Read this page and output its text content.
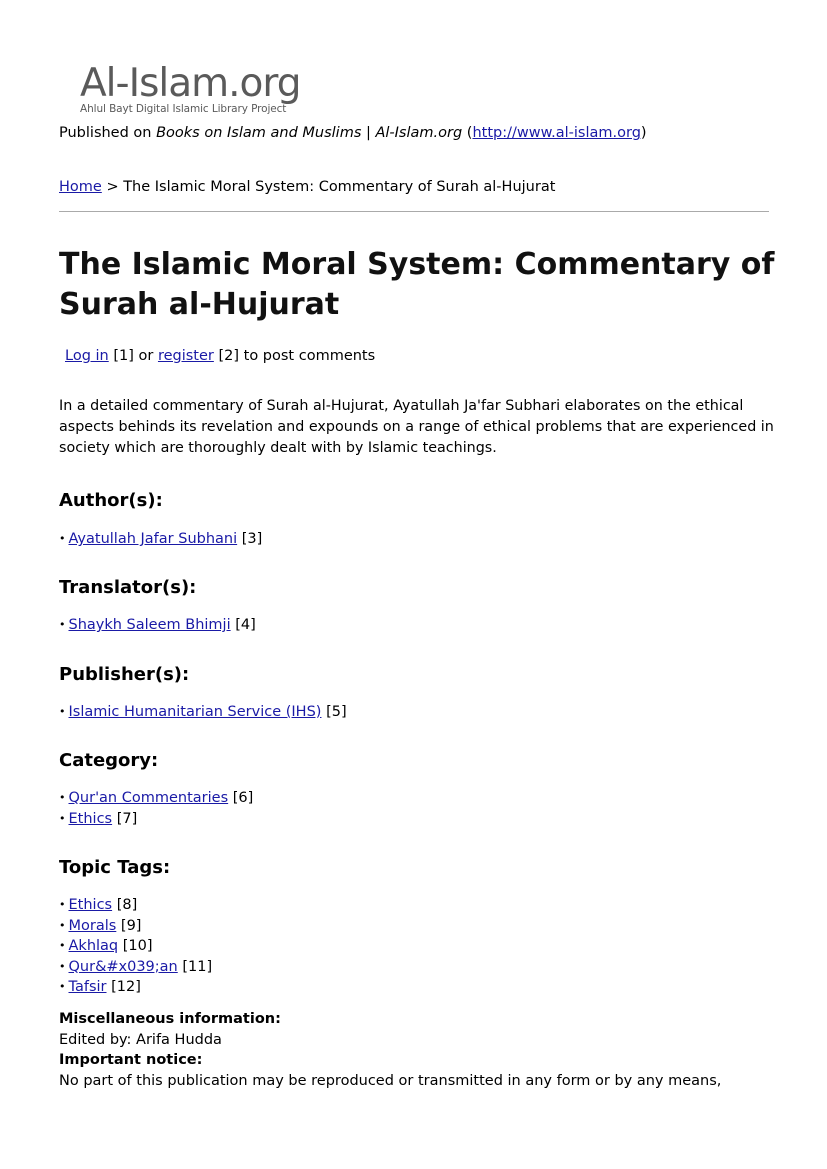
Al-Islam.org
Ahlul Bayt Digital Islamic Library Project
Published on Books on Islam and Muslims | Al-Islam.org (http://www.al-islam.org)
Home > The Islamic Moral System: Commentary of Surah al-Hujurat
The Islamic Moral System: Commentary of Surah al-Hujurat
Log in [1] or register [2] to post comments

In a detailed commentary of Surah al-Hujurat, Ayatullah Ja'far Subhari elaborates on the ethical aspects behinds its revelation and expounds on a range of ethical problems that are experienced in society which are thoroughly dealt with by Islamic teachings.

Author(s):
• Ayatullah Jafar Subhani [3]
Translator(s):
• Shaykh Saleem Bhimji [4]
Publisher(s):
• Islamic Humanitarian Service (IHS) [5]
Category:
• Qur'an Commentaries [6]
• Ethics [7]
Topic Tags:
• Ethics [8]
• Morals [9]
• Akhlaq [10]
• Qur&#x039;an [11]
• Tafsir [12]
Miscellaneous information:
Edited by: Arifa Hudda
Important notice:
No part of this publication may be reproduced or transmitted in any form or by any means,
